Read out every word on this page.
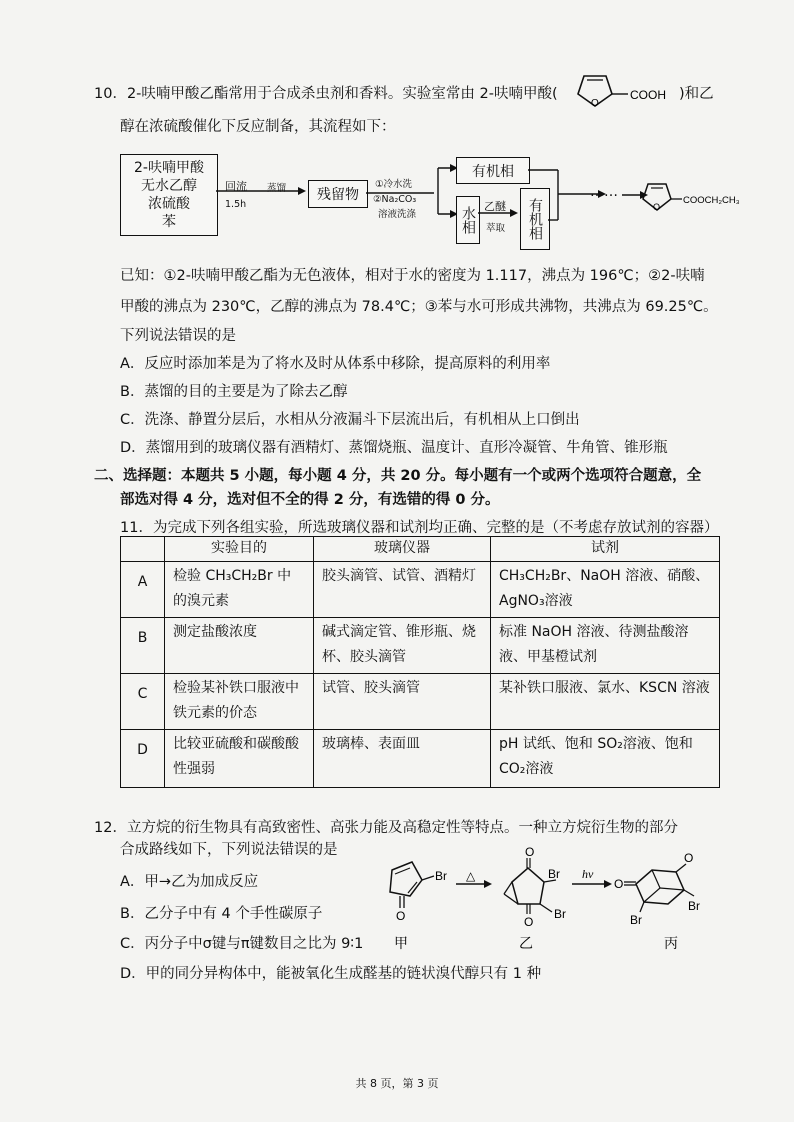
10．2-呋喃甲酸乙酯常用于合成杀虫剂和香料。实验室常由 2-呋喃甲酸(
O
COOH )和乙
醇在浓硫酸催化下反应制备，其流程如下：
2-呋喃甲酸
无水乙醇
浓硫酸
苯
回流
1.5h
蒸馏	残留物
①冷水洗
②Na₂CO₃
溶液洗涤
有机相
水相 乙醚
萃取	有机相
……
O
COOCH₂CH₃
已知：①2-呋喃甲酸乙酯为无色液体，相对于水的密度为 1.117，沸点为 196℃；②2-呋喃
甲酸的沸点为 230℃，乙醇的沸点为 78.4℃；③苯与水可形成共沸物，共沸点为 69.25℃。
下列说法错误的是
A．反应时添加苯是为了将水及时从体系中移除，提高原料的利用率
B．蒸馏的目的主要是为了除去乙醇
C．洗涤、静置分层后，水相从分液漏斗下层流出后，有机相从上口倒出
D．蒸馏用到的玻璃仪器有酒精灯、蒸馏烧瓶、温度计、直形冷凝管、牛角管、锥形瓶
二、选择题：本题共 5 小题，每小题 4 分，共 20 分。每小题有一个或两个选项符合题意，全
部选对得 4 分，选对但不全的得 2 分，有选错的得 0 分。
11．为完成下列各组实验，所选玻璃仪器和试剂均正确、完整的是（不考虑存放试剂的容器）
	实验目的	玻璃仪器	试剂
A	检验 CH₃CH₂Br 中的溴元素	胶头滴管、试管、酒精灯	CH₃CH₂Br、NaOH 溶液、硝酸、AgNO₃溶液
B	测定盐酸浓度	碱式滴定管、锥形瓶、烧杯、胶头滴管	标准 NaOH 溶液、待测盐酸溶液、甲基橙试剂
C	检验某补铁口服液中铁元素的价态	试管、胶头滴管	某补铁口服液、氯水、KSCN 溶液
D	比较亚硫酸和碳酸酸性强弱	玻璃棒、表面皿	pH 试纸、饱和 SO₂溶液、饱和 CO₂溶液
12．立方烷的衍生物具有高致密性、高张力能及高稳定性等特点。一种立方烷衍生物的部分
合成路线如下，下列说法错误的是
A．甲→乙为加成反应
B．乙分子中有 4 个手性碳原子
C．丙分子中σ键与π键数目之比为 9∶1
D．甲的同分异构体中，能被氧化生成醛基的链状溴代醇只有 1 种
Br
O
甲
△
O
Br
Br
O
乙
hν
O
O
Br
Br
丙
共 8 页，第 3 页
